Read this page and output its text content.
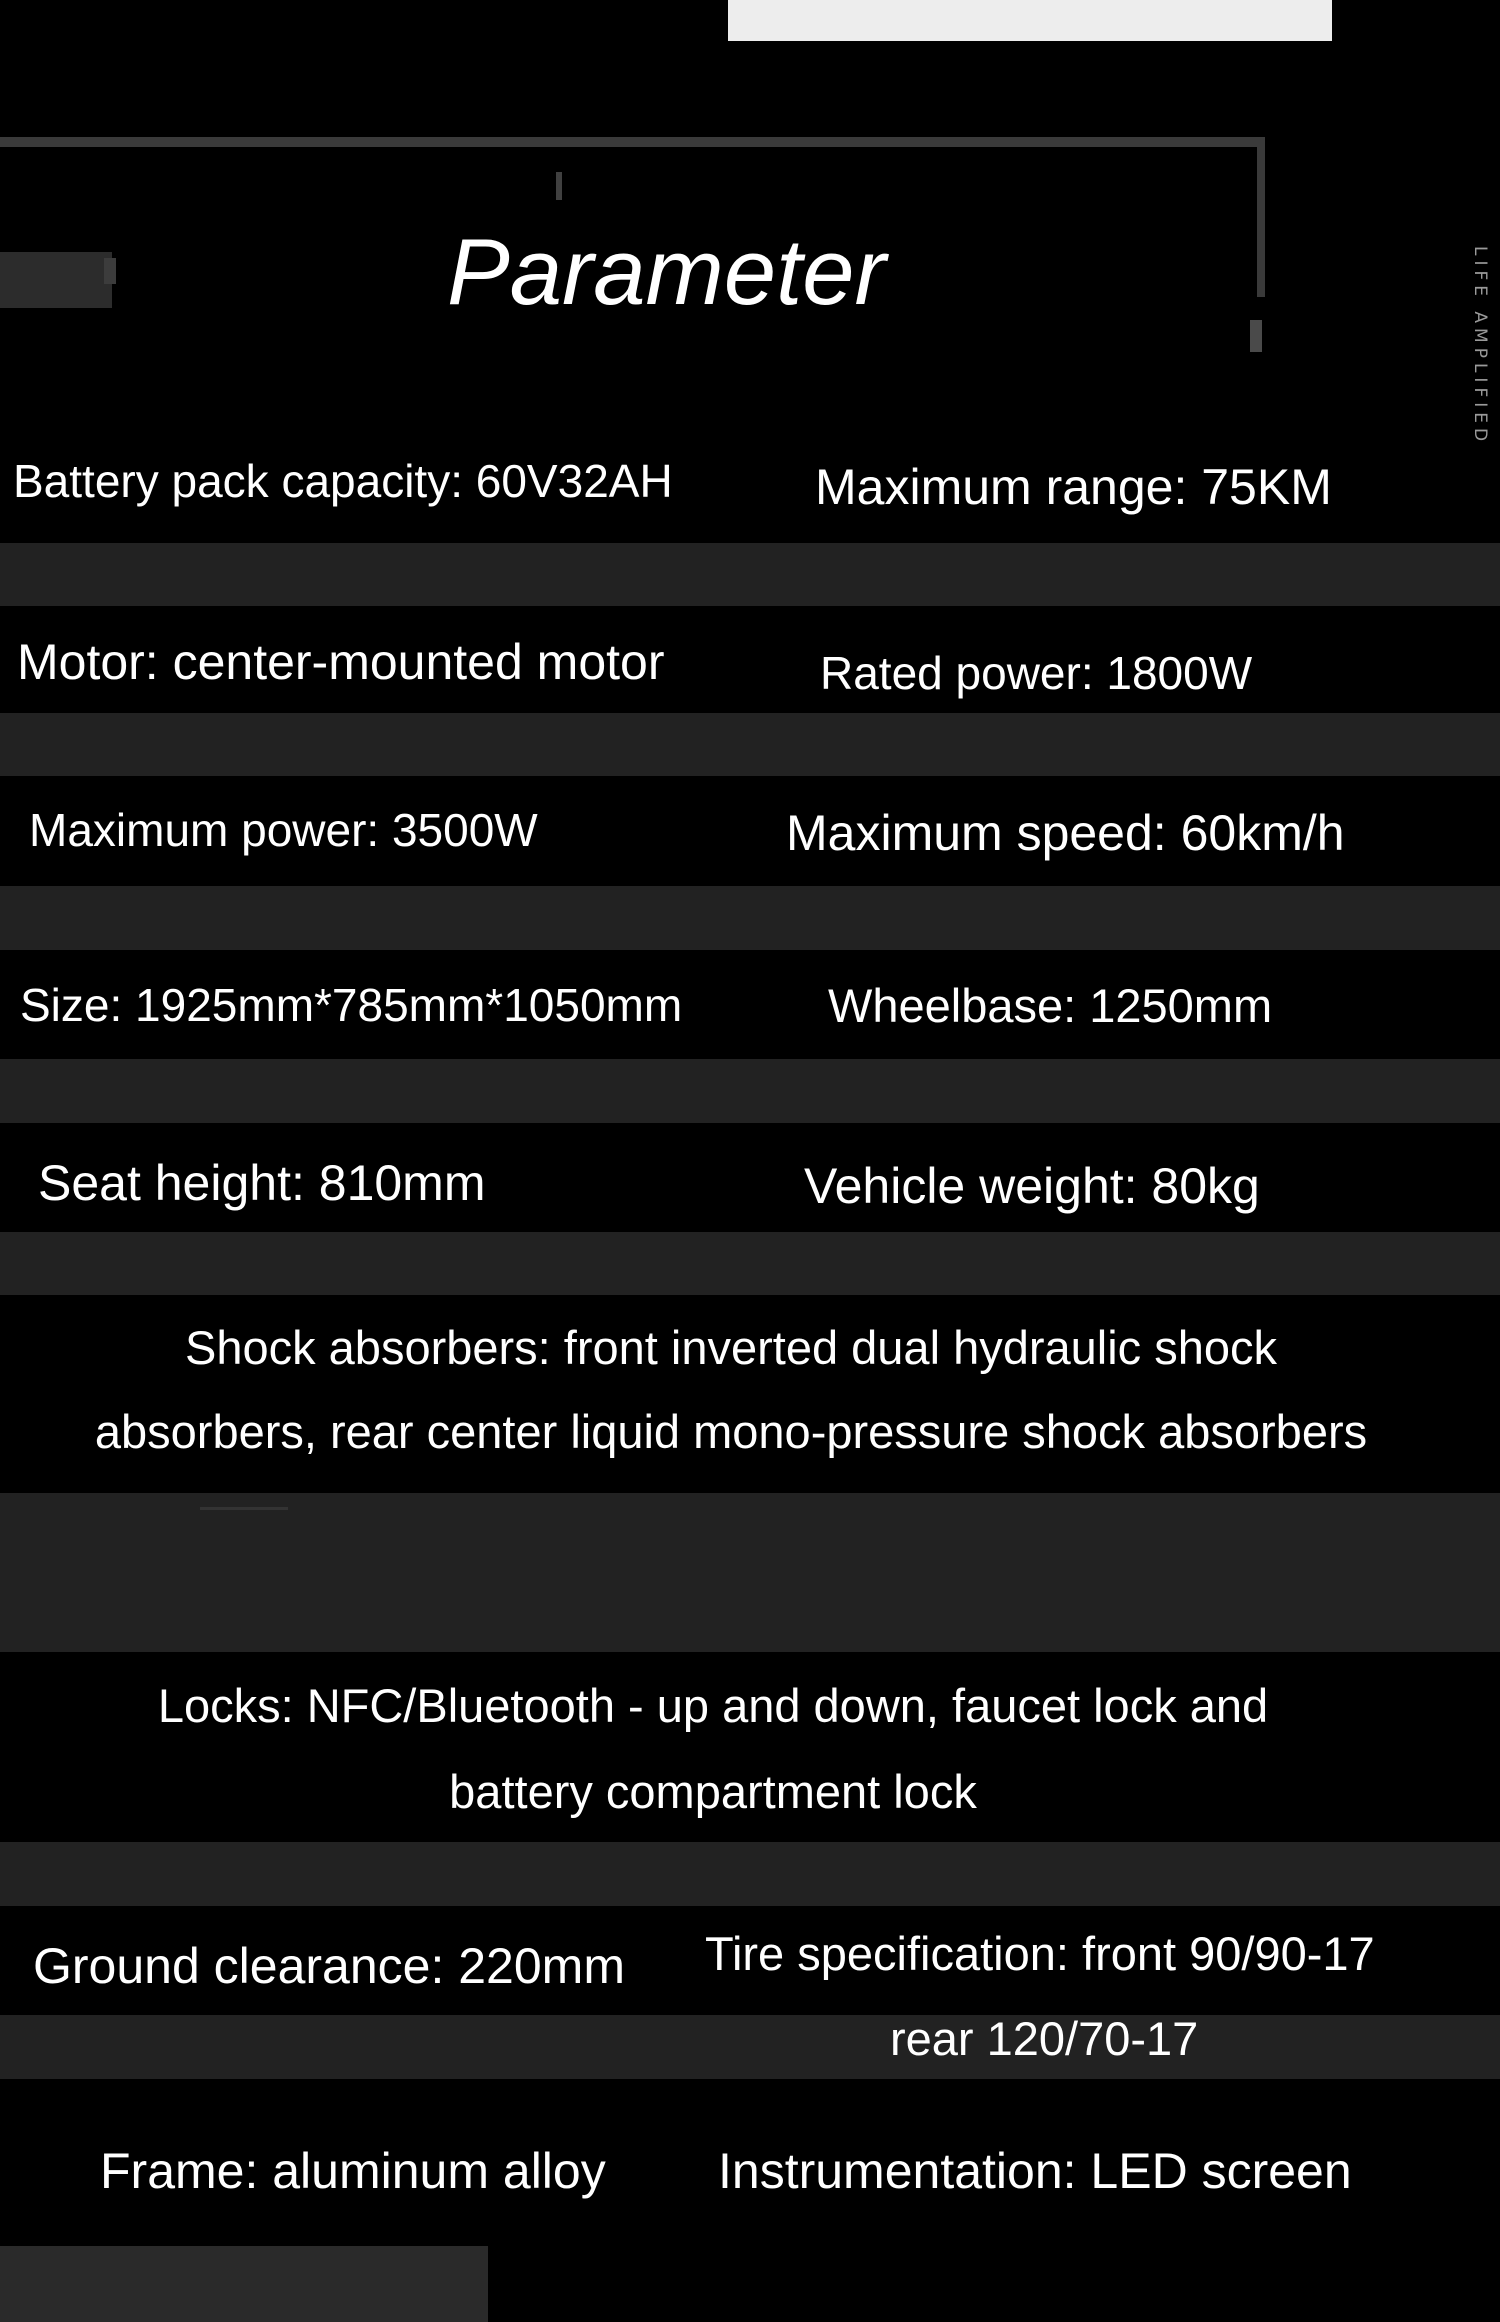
LIFE AMPLIFIED
Parameter
Battery pack capacity: 60V32AH	Maximum range: 75KM
Motor: center-mounted motor	Rated power: 1800W
Maximum power: 3500W	Maximum speed: 60km/h
Size: 1925mm*785mm*1050mm	Wheelbase: 1250mm
Seat height: 810mm	Vehicle weight: 80kg
Shock absorbers: front inverted dual hydraulic shock
absorbers, rear center liquid mono-pressure shock absorbers
Locks: NFC/Bluetooth - up and down, faucet lock and
battery compartment lock
Ground clearance: 220mm Tire specification: front 90/90-17
rear 120/70-17
Frame: aluminum alloy Instrumentation: LED screen
